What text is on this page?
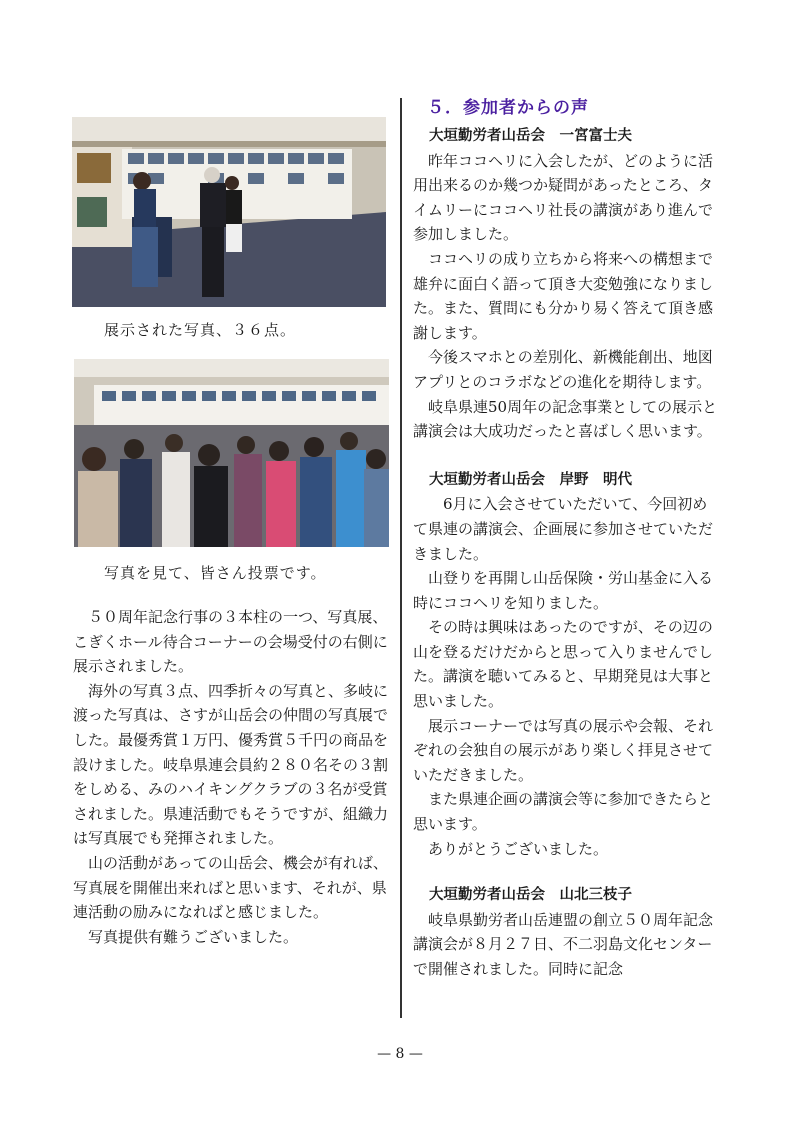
展示された写真、３６点。
写真を見て、皆さん投票です。

５０周年記念行事の３本柱の一つ、写真展、こぎくホール待合コーナーの会場受付の右側に展示されました。

海外の写真３点、四季折々の写真と、多岐に渡った写真は、さすが山岳会の仲間の写真展でした。最優秀賞１万円、優秀賞５千円の商品を設けました。岐阜県連会員約２８０名その３割をしめる、みのハイキングクラブの３名が受賞されました。県連活動でもそうですが、組織力は写真展でも発揮されました。

山の活動があっての山岳会、機会が有れば、写真展を開催出来ればと思います、それが、県連活動の励みになればと感じました。

写真提供有難うございました。

５．参加者からの声
大垣勤労者山岳会　一宮富士夫

昨年ココヘリに入会したが、どのように活用出来るのか幾つか疑問があったところ、タイムリーにココヘリ社長の講演があり進んで参加しました。

ココヘリの成り立ちから将来への構想まで雄弁に面白く語って頂き大変勉強になりました。また、質問にも分かり易く答えて頂き感謝します。

今後スマホとの差別化、新機能創出、地図アプリとのコラボなどの進化を期待します。

岐阜県連50周年の記念事業としての展示と講演会は大成功だったと喜ばしく思います。

大垣勤労者山岳会　岸野　明代

　6月に入会させていただいて、今回初めて県連の講演会、企画展に参加させていただきました。

山登りを再開し山岳保険・労山基金に入る時にココヘリを知りました。

その時は興味はあったのですが、その辺の山を登るだけだからと思って入りませんでした。講演を聴いてみると、早期発見は大事と思いました。

展示コーナーでは写真の展示や会報、それぞれの会独自の展示があり楽しく拝見させていただきました。

また県連企画の講演会等に参加できたらと思います。

ありがとうございました。

大垣勤労者山岳会　山北三枝子

岐阜県勤労者山岳連盟の創立５０周年記念講演会が８月２７日、不二羽島文化センターで開催されました。同時に記念

— 8 —
